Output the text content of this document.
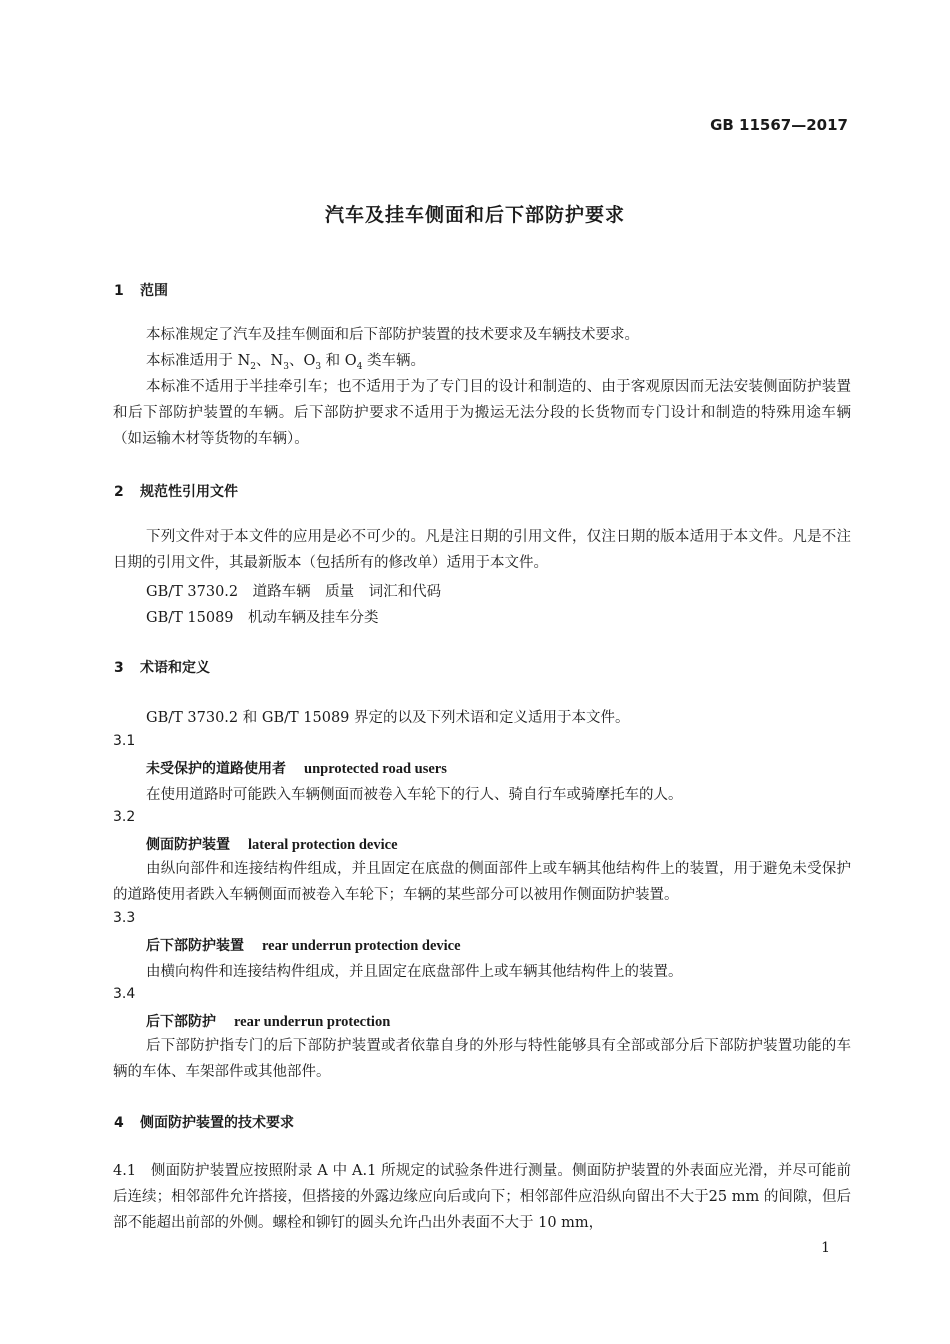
GB 11567—2017
汽车及挂车侧面和后下部防护要求
1 范围
本标准规定了汽车及挂车侧面和后下部防护装置的技术要求及车辆技术要求。
本标准适用于 $N_2$、$N_3$、$O_3$ 和 $O_4$ 类车辆。
本标准不适用于半挂牵引车；也不适用于为了专门目的设计和制造的、由于客观原因而无法安装侧面防护装置和后下部防护装置的车辆。后下部防护要求不适用于为搬运无法分段的长货物而专门设计和制造的特殊用途车辆（如运输木材等货物的车辆）。
2 规范性引用文件
下列文件对于本文件的应用是必不可少的。凡是注日期的引用文件，仅注日期的版本适用于本文件。凡是不注日期的引用文件，其最新版本（包括所有的修改单）适用于本文件。
GB/T 3730.2　道路车辆　质量　词汇和代码
GB/T 15089　机动车辆及挂车分类
3 术语和定义
GB/T 3730.2 和 GB/T 15089 界定的以及下列术语和定义适用于本文件。
3.1
未受保护的道路使用者 unprotected road users
在使用道路时可能跌入车辆侧面而被卷入车轮下的行人、骑自行车或骑摩托车的人。
3.2
侧面防护装置 lateral protection device
由纵向部件和连接结构件组成，并且固定在底盘的侧面部件上或车辆其他结构件上的装置，用于避免未受保护的道路使用者跌入车辆侧面而被卷入车轮下；车辆的某些部分可以被用作侧面防护装置。
3.3
后下部防护装置 rear underrun protection device
由横向构件和连接结构件组成，并且固定在底盘部件上或车辆其他结构件上的装置。
3.4
后下部防护 rear underrun protection
后下部防护指专门的后下部防护装置或者依靠自身的外形与特性能够具有全部或部分后下部防护装置功能的车辆的车体、车架部件或其他部件。
4 侧面防护装置的技术要求
4.1　侧面防护装置应按照附录 A 中 A.1 所规定的试验条件进行测量。侧面防护装置的外表面应光滑，并尽可能前后连续；相邻部件允许搭接，但搭接的外露边缘应向后或向下；相邻部件应沿纵向留出不大于25 mm 的间隙，但后部不能超出前部的外侧。螺栓和铆钉的圆头允许凸出外表面不大于 10 mm，
1
